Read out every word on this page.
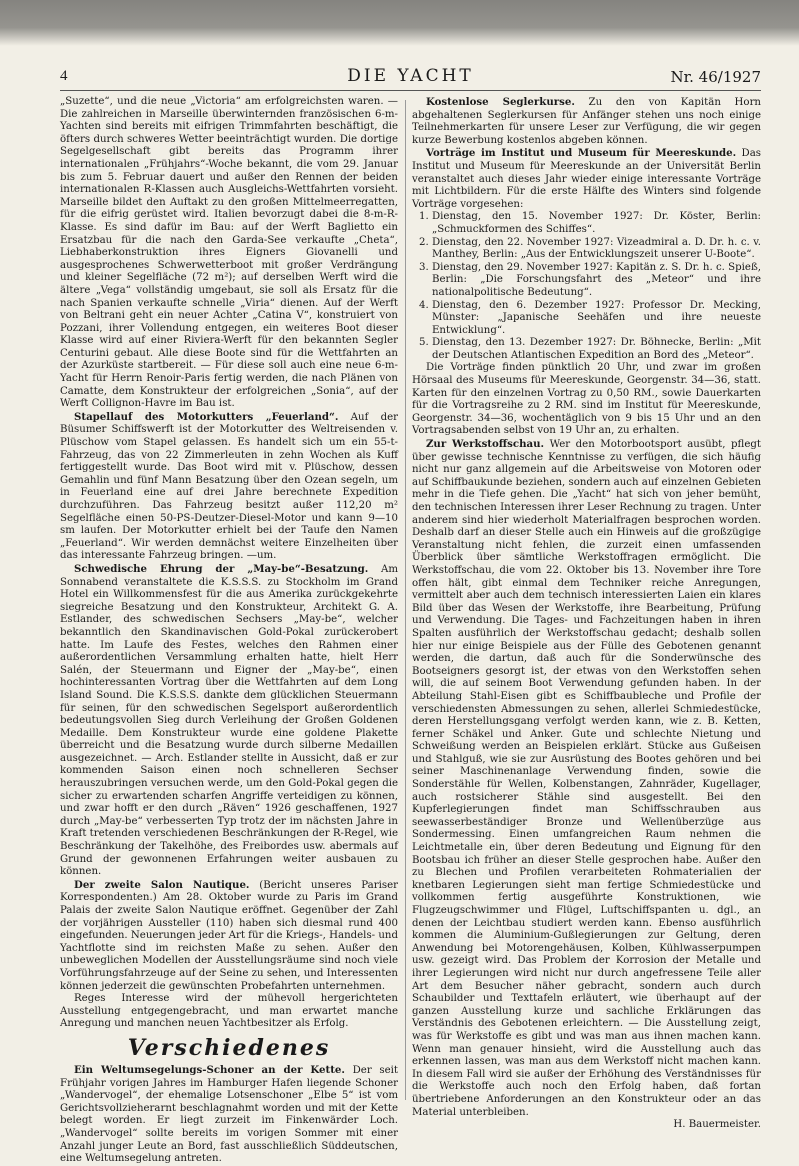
4	DIE YACHT	Nr. 46/1927

„Suzette“, und die neue „Victoria“ am erfolgreichsten waren. — Die zahlreichen in Marseille überwinternden französischen 6-m-Yachten sind bereits mit eifrigen Trimmfahrten beschäftigt, die öfters durch schweres Wetter beeinträchtigt wurden. Die dortige Segelgesellschaft gibt bereits das Programm ihrer internationalen „Frühjahrs“-Woche bekannt, die vom 29. Januar bis zum 5. Februar dauert und außer den Rennen der beiden internationalen R-Klassen auch Ausgleichs-Wettfahrten vorsieht. Marseille bildet den Auftakt zu den großen Mittelmeerregatten, für die eifrig gerüstet wird. Italien bevorzugt dabei die 8-m-R-Klasse. Es sind dafür im Bau: auf der Werft Baglietto ein Ersatzbau für die nach den Garda-See verkaufte „Cheta“, Liebhaberkonstruktion ihres Eigners Giovanelli und ausgesprochenes Schwerwetterboot mit großer Verdrängung und kleiner Segelfläche (72 m²); auf derselben Werft wird die ältere „Vega“ vollständig umgebaut, sie soll als Ersatz für die nach Spanien verkaufte schnelle „Viria“ dienen. Auf der Werft von Beltrani geht ein neuer Achter „Catina V“, konstruiert von Pozzani, ihrer Vollendung entgegen, ein weiteres Boot dieser Klasse wird auf einer Riviera-Werft für den bekannten Segler Centurini gebaut. Alle diese Boote sind für die Wettfahrten an der Azurküste startbereit. — Für diese soll auch eine neue 6-m-Yacht für Herrn Renoir-Paris fertig werden, die nach Plänen von Camatte, dem Konstrukteur der erfolgreichen „Sonia“, auf der Werft Collignon-Havre im Bau ist.

Stapellauf des Motorkutters „Feuerland“. Auf der Büsumer Schiffswerft ist der Motorkutter des Weltreisenden v. Plüschow vom Stapel gelassen. Es handelt sich um ein 55-t-Fahrzeug, das von 22 Zimmerleuten in zehn Wochen als Kuff fertiggestellt wurde. Das Boot wird mit v. Plüschow, dessen Gemahlin und fünf Mann Besatzung über den Ozean segeln, um in Feuerland eine auf drei Jahre berechnete Expedition durchzuführen. Das Fahrzeug besitzt außer 112,20 m² Segelfläche einen 50-PS-Deutzer-Diesel-Motor und kann 9—10 sm laufen. Der Motorkutter erhielt bei der Taufe den Namen „Feuerland“. Wir werden demnächst weitere Einzelheiten über das interessante Fahrzeug bringen. —um.

Schwedische Ehrung der „May-be“-Besatzung. Am Sonnabend veranstaltete die K.S.S.S. zu Stockholm im Grand Hotel ein Willkommensfest für die aus Amerika zurückgekehrte siegreiche Besatzung und den Konstrukteur, Architekt G. A. Estlander, des schwedischen Sechsers „May-be“, welcher bekanntlich den Skandinavischen Gold-Pokal zurückerobert hatte. Im Laufe des Festes, welches den Rahmen einer außerordentlichen Versammlung erhalten hatte, hielt Herr Salén, der Steuermann und Eigner der „May-be“, einen hochinteressanten Vortrag über die Wettfahrten auf dem Long Island Sound. Die K.S.S.S. dankte dem glücklichen Steuermann für seinen, für den schwedischen Segelsport außerordentlich bedeutungsvollen Sieg durch Verleihung der Großen Goldenen Medaille. Dem Konstrukteur wurde eine goldene Plakette überreicht und die Besatzung wurde durch silberne Medaillen ausgezeichnet. — Arch. Estlander stellte in Aussicht, daß er zur kommenden Saison einen noch schnelleren Sechser herauszubringen versuchen werde, um den Gold-Pokal gegen die sicher zu erwartenden scharfen Angriffe verteidigen zu können, und zwar hofft er den durch „Räven“ 1926 geschaffenen, 1927 durch „May-be“ verbesserten Typ trotz der im nächsten Jahre in Kraft tretenden verschiedenen Beschränkungen der R-Regel, wie Beschränkung der Takelhöhe, des Freibordes usw. abermals auf Grund der gewonnenen Erfahrungen weiter ausbauen zu können.

Der zweite Salon Nautique. (Bericht unseres Pariser Korrespondenten.) Am 28. Oktober wurde zu Paris im Grand Palais der zweite Salon Nautique eröffnet. Gegenüber der Zahl der vorjährigen Aussteller (110) haben sich diesmal rund 400 eingefunden. Neuerungen jeder Art für die Kriegs-, Handels- und Yachtflotte sind im reichsten Maße zu sehen. Außer den unbeweglichen Modellen der Ausstellungsräume sind noch viele Vorführungsfahrzeuge auf der Seine zu sehen, und Interessenten können jederzeit die gewünschten Probefahrten unternehmen.

Reges Interesse wird der mühevoll hergerichteten Ausstellung entgegengebracht, und man erwartet manche Anregung und manchen neuen Yachtbesitzer als Erfolg.

Verschiedenes

Ein Weltumsegelungs-Schoner an der Kette. Der seit Frühjahr vorigen Jahres im Hamburger Hafen liegende Schoner „Wandervogel“, der ehemalige Lotsenschoner „Elbe 5“ ist vom Gerichtsvollzieherarnt beschlagnahmt worden und mit der Kette belegt worden. Er liegt zurzeit im Finkenwärder Loch. „Wandervogel“ sollte bereits im vorigen Sommer mit einer Anzahl junger Leute an Bord, fast ausschließlich Süddeutschen, eine Weltumsegelung antreten.

Kostenlose Seglerkurse. Zu den von Kapitän Horn abgehaltenen Seglerkursen für Anfänger stehen uns noch einige Teilnehmerkarten für unsere Leser zur Verfügung, die wir gegen kurze Bewerbung kostenlos abgeben können.

Vorträge im Institut und Museum für Meereskunde. Das Institut und Museum für Meereskunde an der Universität Berlin veranstaltet auch dieses Jahr wieder einige interessante Vorträge mit Lichtbildern. Für die erste Hälfte des Winters sind folgende Vorträge vorgesehen:

1. Dienstag, den 15. November 1927: Dr. Köster, Berlin: „Schmuckformen des Schiffes“.
2. Dienstag, den 22. November 1927: Vizeadmiral a. D. Dr. h. c. v. Manthey, Berlin: „Aus der Entwicklungszeit unserer U-Boote“.
3. Dienstag, den 29. November 1927: Kapitän z. S. Dr. h. c. Spieß, Berlin: „Die Forschungsfahrt des „Meteor“ und ihre nationalpolitische Bedeutung“.
4. Dienstag, den 6. Dezember 1927: Professor Dr. Mecking, Münster: „Japanische Seehäfen und ihre neueste Entwicklung“.
5. Dienstag, den 13. Dezember 1927: Dr. Böhnecke, Berlin: „Mit der Deutschen Atlantischen Expedition an Bord des „Meteor“.

Die Vorträge finden pünktlich 20 Uhr, und zwar im großen Hörsaal des Museums für Meereskunde, Georgenstr. 34—36, statt. Karten für den einzelnen Vortrag zu 0,50 RM., sowie Dauerkarten für die Vortragsreihe zu 2 RM. sind im Institut für Meereskunde, Georgenstr. 34—36, wochentäglich von 9 bis 15 Uhr und an den Vortragsabenden selbst von 19 Uhr an, zu erhalten.

Zur Werkstoffschau. Wer den Motorbootsport ausübt, pflegt über gewisse technische Kenntnisse zu verfügen, die sich häufig nicht nur ganz allgemein auf die Arbeitsweise von Motoren oder auf Schiffbaukunde beziehen, sondern auch auf einzelnen Gebieten mehr in die Tiefe gehen. Die „Yacht“ hat sich von jeher bemüht, den technischen Interessen ihrer Leser Rechnung zu tragen. Unter anderem sind hier wiederholt Materialfragen besprochen worden. Deshalb darf an dieser Stelle auch ein Hinweis auf die großzügige Veranstaltung nicht fehlen, die zurzeit einen umfassenden Überblick über sämtliche Werkstoffragen ermöglicht. Die Werkstoffschau, die vom 22. Oktober bis 13. November ihre Tore offen hält, gibt einmal dem Techniker reiche Anregungen, vermittelt aber auch dem technisch interessierten Laien ein klares Bild über das Wesen der Werkstoffe, ihre Bearbeitung, Prüfung und Verwendung. Die Tages- und Fachzeitungen haben in ihren Spalten ausführlich der Werkstoffschau gedacht; deshalb sollen hier nur einige Beispiele aus der Fülle des Gebotenen genannt werden, die dartun, daß auch für die Sonderwünsche des Bootseigners gesorgt ist, der etwas von den Werkstoffen sehen will, die auf seinem Boot Verwendung gefunden haben. In der Abteilung Stahl-Eisen gibt es Schiffbaubleche und Profile der verschiedensten Abmessungen zu sehen, allerlei Schmiedestücke, deren Herstellungsgang verfolgt werden kann, wie z. B. Ketten, ferner Schäkel und Anker. Gute und schlechte Nietung und Schweißung werden an Beispielen erklärt. Stücke aus Gußeisen und Stahlguß, wie sie zur Ausrüstung des Bootes gehören und bei seiner Maschinenanlage Verwendung finden, sowie die Sonderstähle für Wellen, Kolbenstangen, Zahnräder, Kugellager, auch rostsicherer Stähle sind ausgestellt. Bei den Kupferlegierungen findet man Schiffsschrauben aus seewasserbeständiger Bronze und Wellenüberzüge aus Sondermessing. Einen umfangreichen Raum nehmen die Leichtmetalle ein, über deren Bedeutung und Eignung für den Bootsbau ich früher an dieser Stelle gesprochen habe. Außer den zu Blechen und Profilen verarbeiteten Rohmaterialien der knetbaren Legierungen sieht man fertige Schmiedestücke und vollkommen fertig ausgeführte Konstruktionen, wie Flugzeugschwimmer und Flügel, Luftschiffspanten u. dgl., an denen der Leichtbau studiert werden kann. Ebenso ausführlich kommen die Aluminium-Gußlegierungen zur Geltung, deren Anwendung bei Motorengehäusen, Kolben, Kühlwasserpumpen usw. gezeigt wird. Das Problem der Korrosion der Metalle und ihrer Legierungen wird nicht nur durch angefressene Teile aller Art dem Besucher näher gebracht, sondern auch durch Schaubilder und Texttafeln erläutert, wie überhaupt auf der ganzen Ausstellung kurze und sachliche Erklärungen das Verständnis des Gebotenen erleichtern. — Die Ausstellung zeigt, was für Werkstoffe es gibt und was man aus ihnen machen kann. Wenn man genauer hinsieht, wird die Ausstellung auch das erkennen lassen, was man aus dem Werkstoff nicht machen kann. In diesem Fall wird sie außer der Erhöhung des Verständnisses für die Werkstoffe auch noch den Erfolg haben, daß fortan übertriebene Anforderungen an den Konstrukteur oder an das Material unterbleiben.

H. Bauermeister.
